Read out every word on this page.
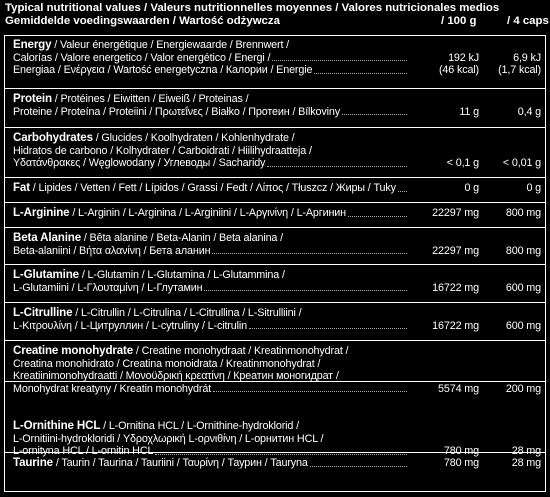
Typical nutritional values / Valeurs nutritionnelles moyennes / Valores nutricionales medios
Gemiddelde voedingswaarden / Wartość odżywcza	/ 100 g	/ 4 caps
Energy / Valeur énergétique / Energiewaarde / Brennwert /
Calorías / Valore energetico / Valor energético / Energi /	192 kJ	6,9 kJ
Energiaa / Ενέργεια / Wartość energetyczna / Калории / Energie	(46 kcal)	(1,7 kcal)
Protein / Protéines / Eiwitten / Eiweiß / Proteinas /
Proteine / Proteína / Proteiini / Πρωτεΐνες / Białko / Протеин / Bílkoviny	11 g	0,4 g
Carbohydrates / Glucides / Koolhydraten / Kohlenhydrate /
Hidratos de carbono / Kolhydrater / Carboidrati / Hiilihydraatteja /
Υδατάνθρακες / Węglowodany / Углеводы / Sacharidy	< 0,1 g	< 0,01 g
Fat / Lipides / Vetten / Fett / Lípidos / Grassi / Fedt / Λίπος / Tłuszcz / Жиры / Tuky	0 g	0 g
L-Arginine / L-Arginin / L-Arginina / L-Arginiini / L-Αργινίνη / L-Аргинин	22297 mg	800 mg
Beta Alanine / Bêta alanine / Beta-Alanin / Beta alanina /
Beta-alaniini / Βήτα αλανίνη / Бета аланин	22297 mg	800 mg
L-Glutamine / L-Glutamin / L-Glutamina / L-Glutammina /
L-Glutamiini / L-Γλουταμίνη / L-Глутамин	16722 mg	600 mg
L-Citrulline / L-Citrullin / L-Citrulina / L-Citrullina / L-Sitrulliini /
L-Κιτρουλίνη / L-Цитруллин / L-cytruliny / L-citrulin	16722 mg	600 mg
Creatine monohydrate / Creatine monohydraat / Kreatinmonohydrat /
Creatina monohidrato / Creatina monoidrata / Kreatinmonohydrat /
Kreatiinimonohydraatti / Μονοϋδρική κρεατίνη / Креатин моногидрат /
Monohydrat kreatyny / Kreatin monohydrát	5574 mg	200 mg
L-Ornithine HCL / L-Ornitina HCL / L-Ornithine-hydroklorid /
L-Ornitiini-hydrokloridi / Υδροχλωρική L-ορνιθίνη / L-орнитин HCL /
L-ornityna HCL / L-ornitin HCL	780 mg	28 mg
Taurine / Taurin / Taurina / Tauriini / Ταυρίνη / Таурин / Tauryna	780 mg	28 mg
